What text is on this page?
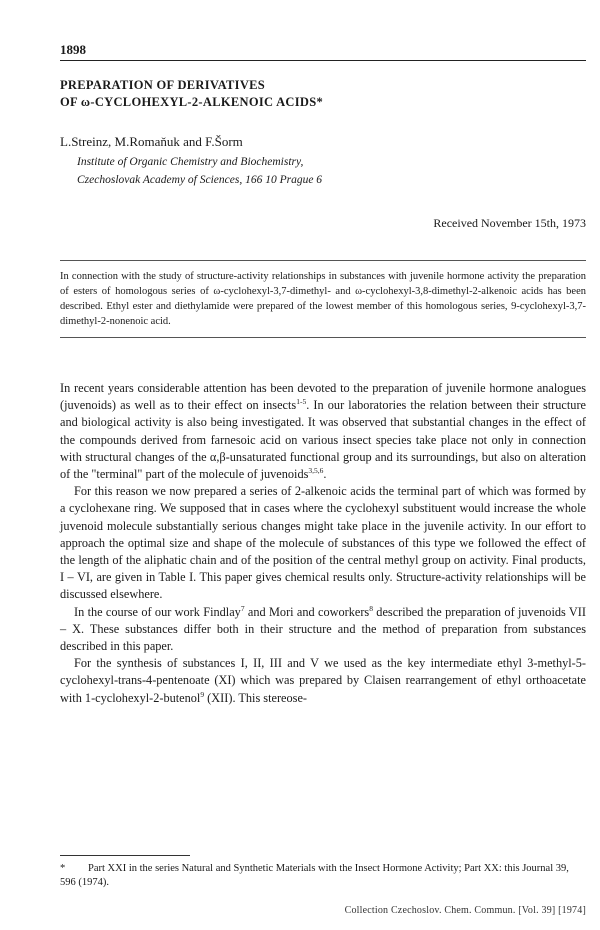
1898
PREPARATION OF DERIVATIVES
OF ω-CYCLOHEXYL-2-ALKENOIC ACIDS*
L.Streinz, M.Romaňuk and F.Šorm
Institute of Organic Chemistry and Biochemistry,
Czechoslovak Academy of Sciences, 166 10 Prague 6
Received November 15th, 1973
In connection with the study of structure-activity relationships in substances with juvenile hormone activity the preparation of esters of homologous series of ω-cyclohexyl-3,7-dimethyl- and ω-cyclohexyl-3,8-dimethyl-2-alkenoic acids has been described. Ethyl ester and diethylamide were prepared of the lowest member of this homologous series, 9-cyclohexyl-3,7-dimethyl-2-nonenoic acid.

In recent years considerable attention has been devoted to the preparation of juvenile hormone analogues (juvenoids) as well as to their effect on insects$^{1-5}$. In our laboratories the relation between their structure and biological activity is also being investigated. It was observed that substantial changes in the effect of the compounds derived from farnesoic acid on various insect species take place not only in connection with structural changes of the α,β-unsaturated functional group and its surroundings, but also on alteration of the "terminal" part of the molecule of juvenoids$^{3,5,6}$.

For this reason we now prepared a series of 2-alkenoic acids the terminal part of which was formed by a cyclohexane ring. We supposed that in cases where the cyclohexyl substituent would increase the whole juvenoid molecule substantially serious changes might take place in the juvenile activity. In our effort to approach the optimal size and shape of the molecule of substances of this type we followed the effect of the length of the aliphatic chain and of the position of the central methyl group on activity. Final products, I – VI, are given in Table I. This paper gives chemical results only. Structure-activity relationships will be discussed elsewhere.

In the course of our work Findlay$^7$ and Mori and coworkers$^8$ described the preparation of juvenoids VII – X. These substances differ both in their structure and the method of preparation from substances described in this paper.

For the synthesis of substances I, II, III and V we used as the key intermediate ethyl 3-methyl-5-cyclohexyl-trans-4-pentenoate (XI) which was prepared by Claisen rearrangement of ethyl orthoacetate with 1-cyclohexyl-2-butenol$^9$ (XII). This stereose-

* Part XXI in the series Natural and Synthetic Materials with the Insect Hormone Activity; Part XX: this Journal 39, 596 (1974).
Collection Czechoslov. Chem. Commun. [Vol. 39] [1974]
